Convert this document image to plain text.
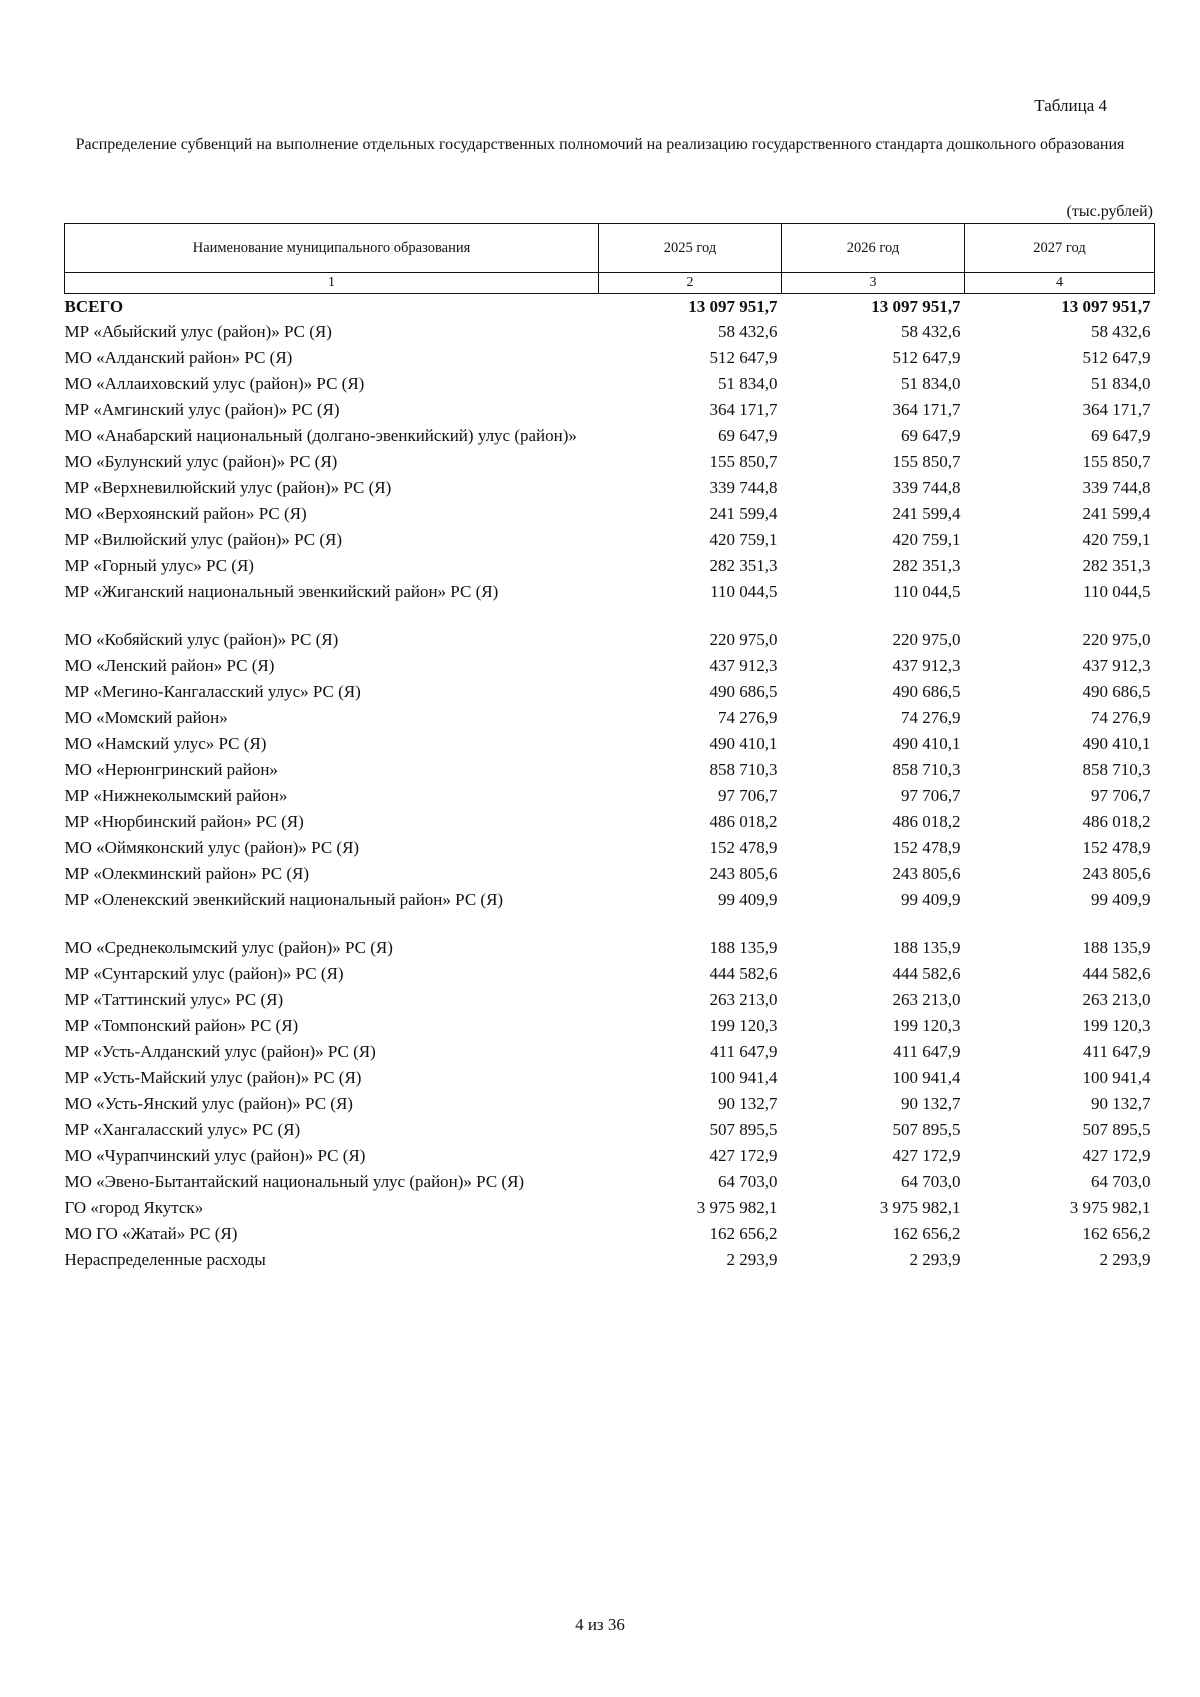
Таблица 4
Распределение субвенций на выполнение отдельных государственных полномочий на реализацию государственного стандарта дошкольного образования
(тыс.рублей)
Наименование муниципального образования	2025 год	2026 год	2027 год
1	2	3	4
ВСЕГО	13 097 951,7	13 097 951,7	13 097 951,7
МР «Абыйский улус (район)» РС (Я)	58 432,6	58 432,6	58 432,6
МО «Алданский район» РС (Я)	512 647,9	512 647,9	512 647,9
МО «Аллаиховский улус (район)» РС (Я)	51 834,0	51 834,0	51 834,0
МР «Амгинский улус (район)» РС (Я)	364 171,7	364 171,7	364 171,7
МО «Анабарский национальный (долгано-эвенкийский) улус (район)»	69 647,9	69 647,9	69 647,9
МО «Булунский улус (район)» РС (Я)	155 850,7	155 850,7	155 850,7
МР «Верхневилюйский улус (район)» РС (Я)	339 744,8	339 744,8	339 744,8
МО «Верхоянский район» РС (Я)	241 599,4	241 599,4	241 599,4
МР «Вилюйский улус (район)» РС (Я)	420 759,1	420 759,1	420 759,1
МР «Горный улус» РС (Я)	282 351,3	282 351,3	282 351,3
МР «Жиганский национальный эвенкийский район» РС (Я)	110 044,5	110 044,5	110 044,5

МО «Кобяйский улус (район)» РС (Я)	220 975,0	220 975,0	220 975,0
МО «Ленский район» РС (Я)	437 912,3	437 912,3	437 912,3
МР «Мегино-Кангаласский улус» РС (Я)	490 686,5	490 686,5	490 686,5
МО «Момский район»	74 276,9	74 276,9	74 276,9
МО «Намский улус» РС (Я)	490 410,1	490 410,1	490 410,1
МО «Нерюнгринский район»	858 710,3	858 710,3	858 710,3
МР «Нижнеколымский район»	97 706,7	97 706,7	97 706,7
МР «Нюрбинский район» РС (Я)	486 018,2	486 018,2	486 018,2
МО «Оймяконский улус (район)» РС (Я)	152 478,9	152 478,9	152 478,9
МР «Олекминский район» РС (Я)	243 805,6	243 805,6	243 805,6
МР «Оленекский эвенкийский национальный район» РС (Я)	99 409,9	99 409,9	99 409,9

МО «Среднеколымский улус (район)» РС (Я)	188 135,9	188 135,9	188 135,9
МР «Сунтарский улус (район)» РС (Я)	444 582,6	444 582,6	444 582,6
МР «Таттинский улус» РС (Я)	263 213,0	263 213,0	263 213,0
МР «Томпонский район» РС (Я)	199 120,3	199 120,3	199 120,3
МР «Усть-Алданский улус (район)» РС (Я)	411 647,9	411 647,9	411 647,9
МР «Усть-Майский улус (район)» РС (Я)	100 941,4	100 941,4	100 941,4
МО «Усть-Янский улус (район)» РС (Я)	90 132,7	90 132,7	90 132,7
МР «Хангаласский улус» РС (Я)	507 895,5	507 895,5	507 895,5
МО «Чурапчинский улус (район)» РС (Я)	427 172,9	427 172,9	427 172,9
МО «Эвено-Бытантайский национальный улус (район)» РС (Я)	64 703,0	64 703,0	64 703,0
ГО «город Якутск»	3 975 982,1	3 975 982,1	3 975 982,1
МО ГО «Жатай» РС (Я)	162 656,2	162 656,2	162 656,2
Нераспределенные расходы	2 293,9	2 293,9	2 293,9
4 из 36
